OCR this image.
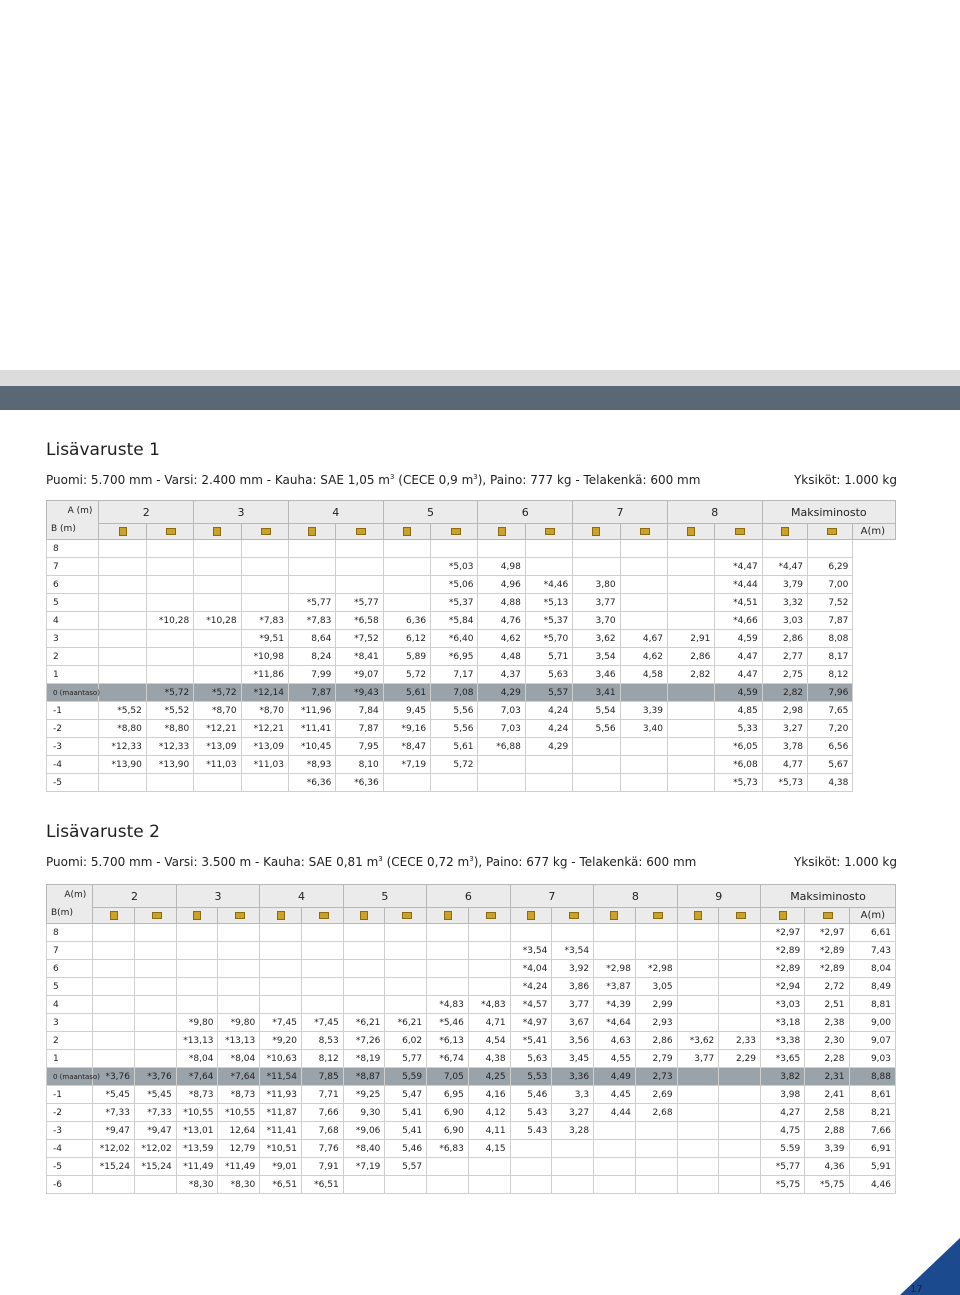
Lisävaruste 1
Puomi: 5.700 mm - Varsi: 2.400 mm - Kauha: SAE 1,05 $m^3$ (CECE 0,9 $m^3$), Paino: 777 kg - Telakenkä: 600 mm	Yksiköt: 1.000 kg
A (m)
B (m)	2		3		4		5		6		7		8		Maksiminosto		

																	A(m)

8																	
7								*5,03	4,98					*4,47	*4,47	6,29	
6								*5,06	4,96	*4,46	3,80			*4,44	3,79	7,00	
5					*5,77	*5,77		*5,37	4,88	*5,13	3,77			*4,51	3,32	7,52	
4		*10,28	*10,28	*7,83	*7,83	*6,58	6,36	*5,84	4,76	*5,37	3,70			*4,66	3,03	7,87	
3				*9,51	8,64	*7,52	6,12	*6,40	4,62	*5,70	3,62	4,67	2,91	4,59	2,86	8,08	
2				*10,98	8,24	*8,41	5,89	*6,95	4,48	5,71	3,54	4,62	2,86	4,47	2,77	8,17	
1				*11,86	7,99	*9,07	5,72	7,17	4,37	5,63	3,46	4,58	2,82	4,47	2,75	8,12	
0 (maantaso)		*5,72	*5,72	*12,14	7,87	*9,43	5,61	7,08	4,29	5,57	3,41			4,59	2,82	7,96	
-1	*5,52	*5,52	*8,70	*8,70	*11,96	7,84	9,45	5,56	7,03	4,24	5,54	3,39		4,85	2,98	7,65	
-2	*8,80	*8,80	*12,21	*12,21	*11,41	7,87	*9,16	5,56	7,03	4,24	5,56	3,40		5,33	3,27	7,20	
-3	*12,33	*12,33	*13,09	*13,09	*10,45	7,95	*8,47	5,61	*6,88	4,29				*6,05	3,78	6,56	
-4	*13,90	*13,90	*11,03	*11,03	*8,93	8,10	*7,19	5,72						*6,08	4,77	5,67	
-5					*6,36	*6,36								*5,73	*5,73	4,38	
Lisävaruste 2
Puomi: 5.700 mm - Varsi: 3.500 m - Kauha: SAE 0,81 $m^3$ (CECE 0,72 $m^3$), Paino: 677 kg - Telakenkä: 600 mm	Yksiköt: 1.000 kg
A(m)
B(m)	2		3		4		5		6		7		8		9		Maksiminosto		

																			A(m)

8																	*2,97	*2,97	6,61
7											*3,54	*3,54					*2,89	*2,89	7,43
6											*4,04	3,92	*2,98	*2,98			*2,89	*2,89	8,04
5											*4,24	3,86	*3,87	3,05			*2,94	2,72	8,49
4									*4,83	*4,83	*4,57	3,77	*4,39	2,99			*3,03	2,51	8,81
3			*9,80	*9,80	*7,45	*7,45	*6,21	*6,21	*5,46	4,71	*4,97	3,67	*4,64	2,93			*3,18	2,38	9,00
2			*13,13	*13,13	*9,20	8,53	*7,26	6,02	*6,13	4,54	*5,41	3,56	4,63	2,86	*3,62	2,33	*3,38	2,30	9,07
1			*8,04	*8,04	*10,63	8,12	*8,19	5,77	*6,74	4,38	5,63	3,45	4,55	2,79	3,77	2,29	*3,65	2,28	9,03
0 (maantaso)	*3,76	*3,76	*7,64	*7,64	*11,54	7,85	*8,87	5,59	7,05	4,25	5,53	3,36	4,49	2,73			3,82	2,31	8,88
-1	*5,45	*5,45	*8,73	*8,73	*11,93	7,71	*9,25	5,47	6,95	4,16	5,46	3,3	4,45	2,69			3,98	2,41	8,61
-2	*7,33	*7,33	*10,55	*10,55	*11,87	7,66	9,30	5,41	6,90	4,12	5.43	3,27	4,44	2,68			4,27	2,58	8,21
-3	*9,47	*9,47	*13,01	12,64	*11,41	7,68	*9,06	5,41	6,90	4,11	5.43	3,28					4,75	2,88	7,66
-4	*12,02	*12,02	*13,59	12,79	*10,51	7,76	*8,40	5,46	*6,83	4,15							5.59	3,39	6,91
-5	*15,24	*15,24	*11,49	*11,49	*9,01	7,91	*7,19	5,57									*5,77	4,36	5,91
-6			*8,30	*8,30	*6,51	*6,51											*5,75	*5,75	4,46
17
